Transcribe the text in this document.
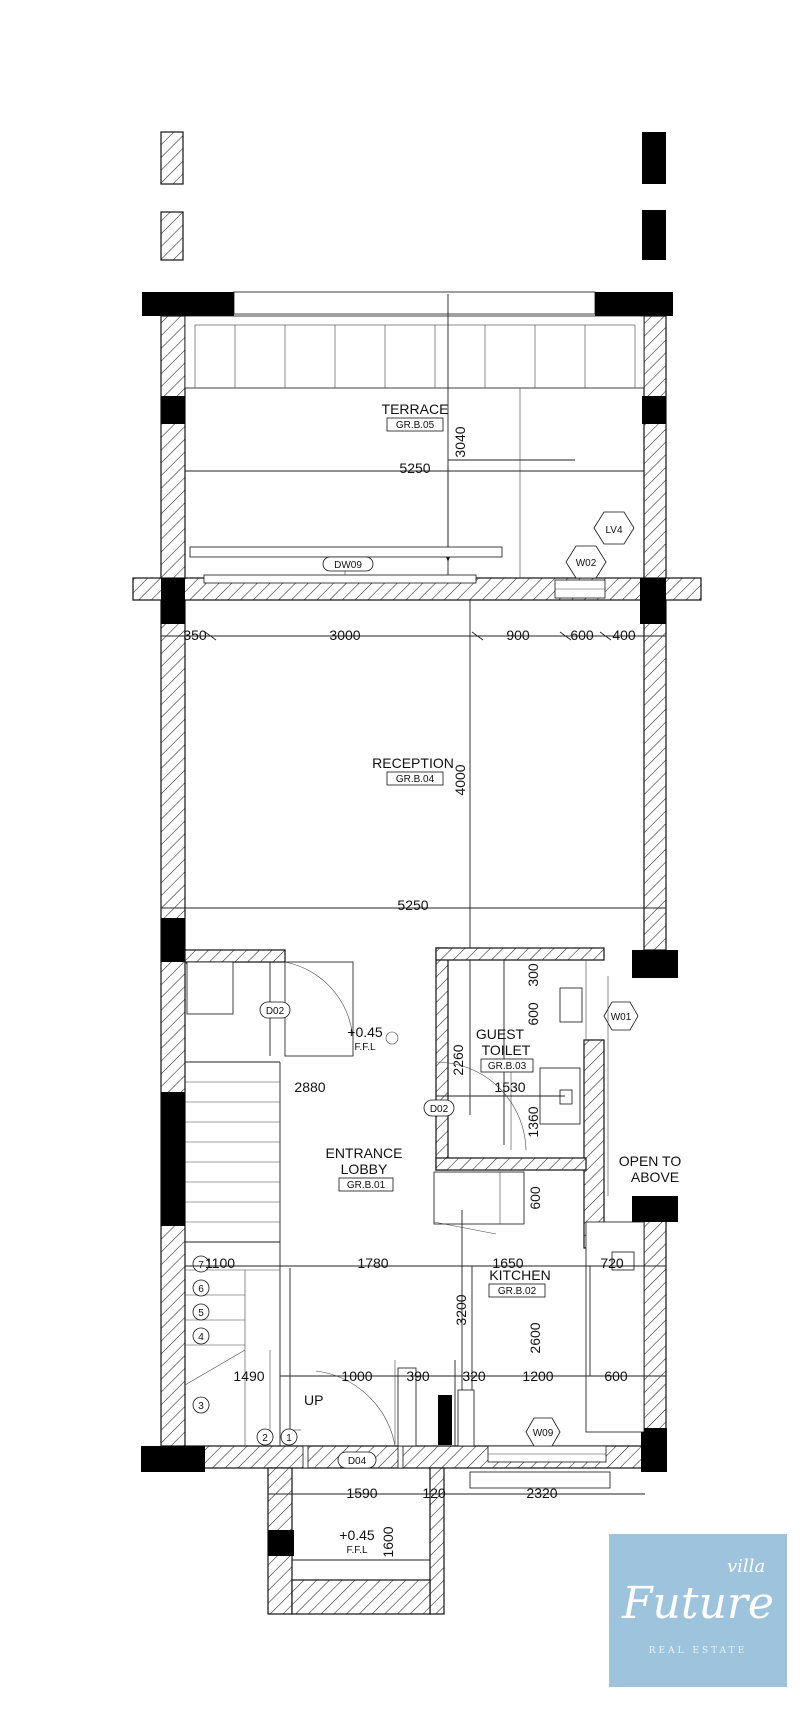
TERRACE
GR.B.05
5250
3040
DW09	W02
LV4
350	3000	900	600 400
RECEPTION
GR.B.04 4000
5250
+0.45
F.F.L
D02
2880
ENTRANCE
LOBBY
GR.B.01
7
6
5
4
3
2 1
UP
300
600
GUEST
TOILET
GR.B.03
2260
1530
1360
D02
W01
OPEN TO
ABOVE
1100	1780	1650	720
KITCHEN
GR.B.02
3200
2600
600
W09
1490	1000 390 320	1200	600
D04
1590	120	2320
+0.45
F.F.L 1600
villa
Future
REAL ESTATE
